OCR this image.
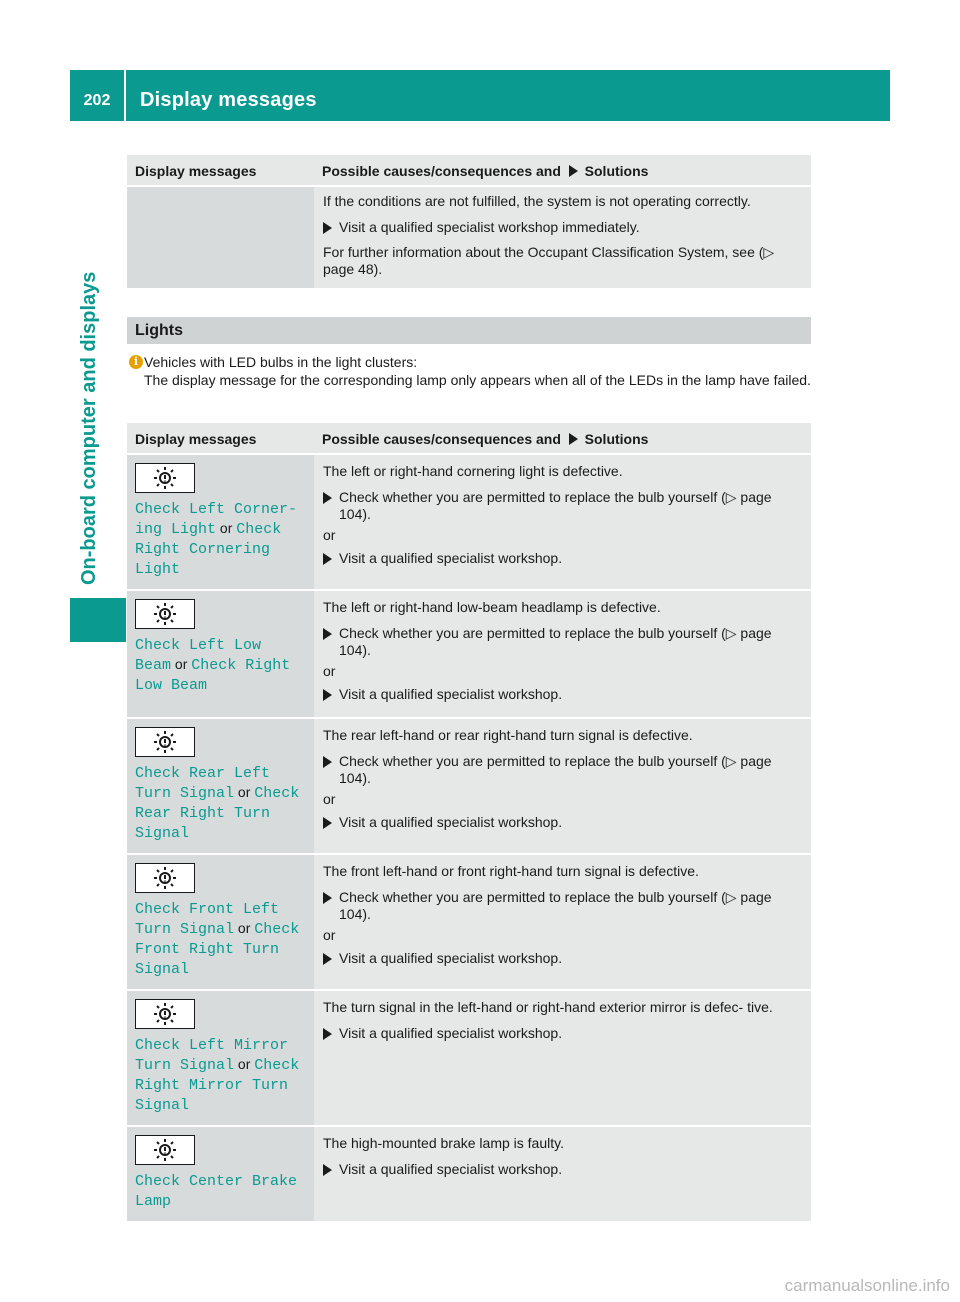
202	Display messages
On-board computer and displays
Display messages	Possible causes/consequences and Solutions

	If the conditions are not fulfilled, the system is not operating correctly.
Visit a qualified specialist workshop immediately.
For further information about the Occupant Classification System, see (▷ page 48).
Lights
i Vehicles with LED bulbs in the light clusters:
The display message for the corresponding lamp only appears when all of the LEDs in the lamp have failed.
Display messages	Possible causes/consequences and Solutions

Check Left Corner‐ ing Light or Check Right Cornering Light	The left or right-hand cornering light is defective.
Check whether you are permitted to replace the bulb yourself (▷ page 104).
or
Visit a qualified specialist workshop.

Check Left Low Beam or Check Right Low Beam	The left or right-hand low-beam headlamp is defective.
Check whether you are permitted to replace the bulb yourself (▷ page 104).
or
Visit a qualified specialist workshop.

Check Rear Left Turn Signal or Check Rear Right Turn Signal	The rear left-hand or rear right-hand turn signal is defective.
Check whether you are permitted to replace the bulb yourself (▷ page 104).
or
Visit a qualified specialist workshop.

Check Front Left Turn Signal or Check Front Right Turn Signal	The front left-hand or front right-hand turn signal is defective.
Check whether you are permitted to replace the bulb yourself (▷ page 104).
or
Visit a qualified specialist workshop.

Check Left Mirror Turn Signal or Check Right Mirror Turn Signal	The turn signal in the left-hand or right-hand exterior mirror is defec- tive.
Visit a qualified specialist workshop.

Check Center Brake Lamp	The high-mounted brake lamp is faulty.
Visit a qualified specialist workshop.
carmanualsonline.info
